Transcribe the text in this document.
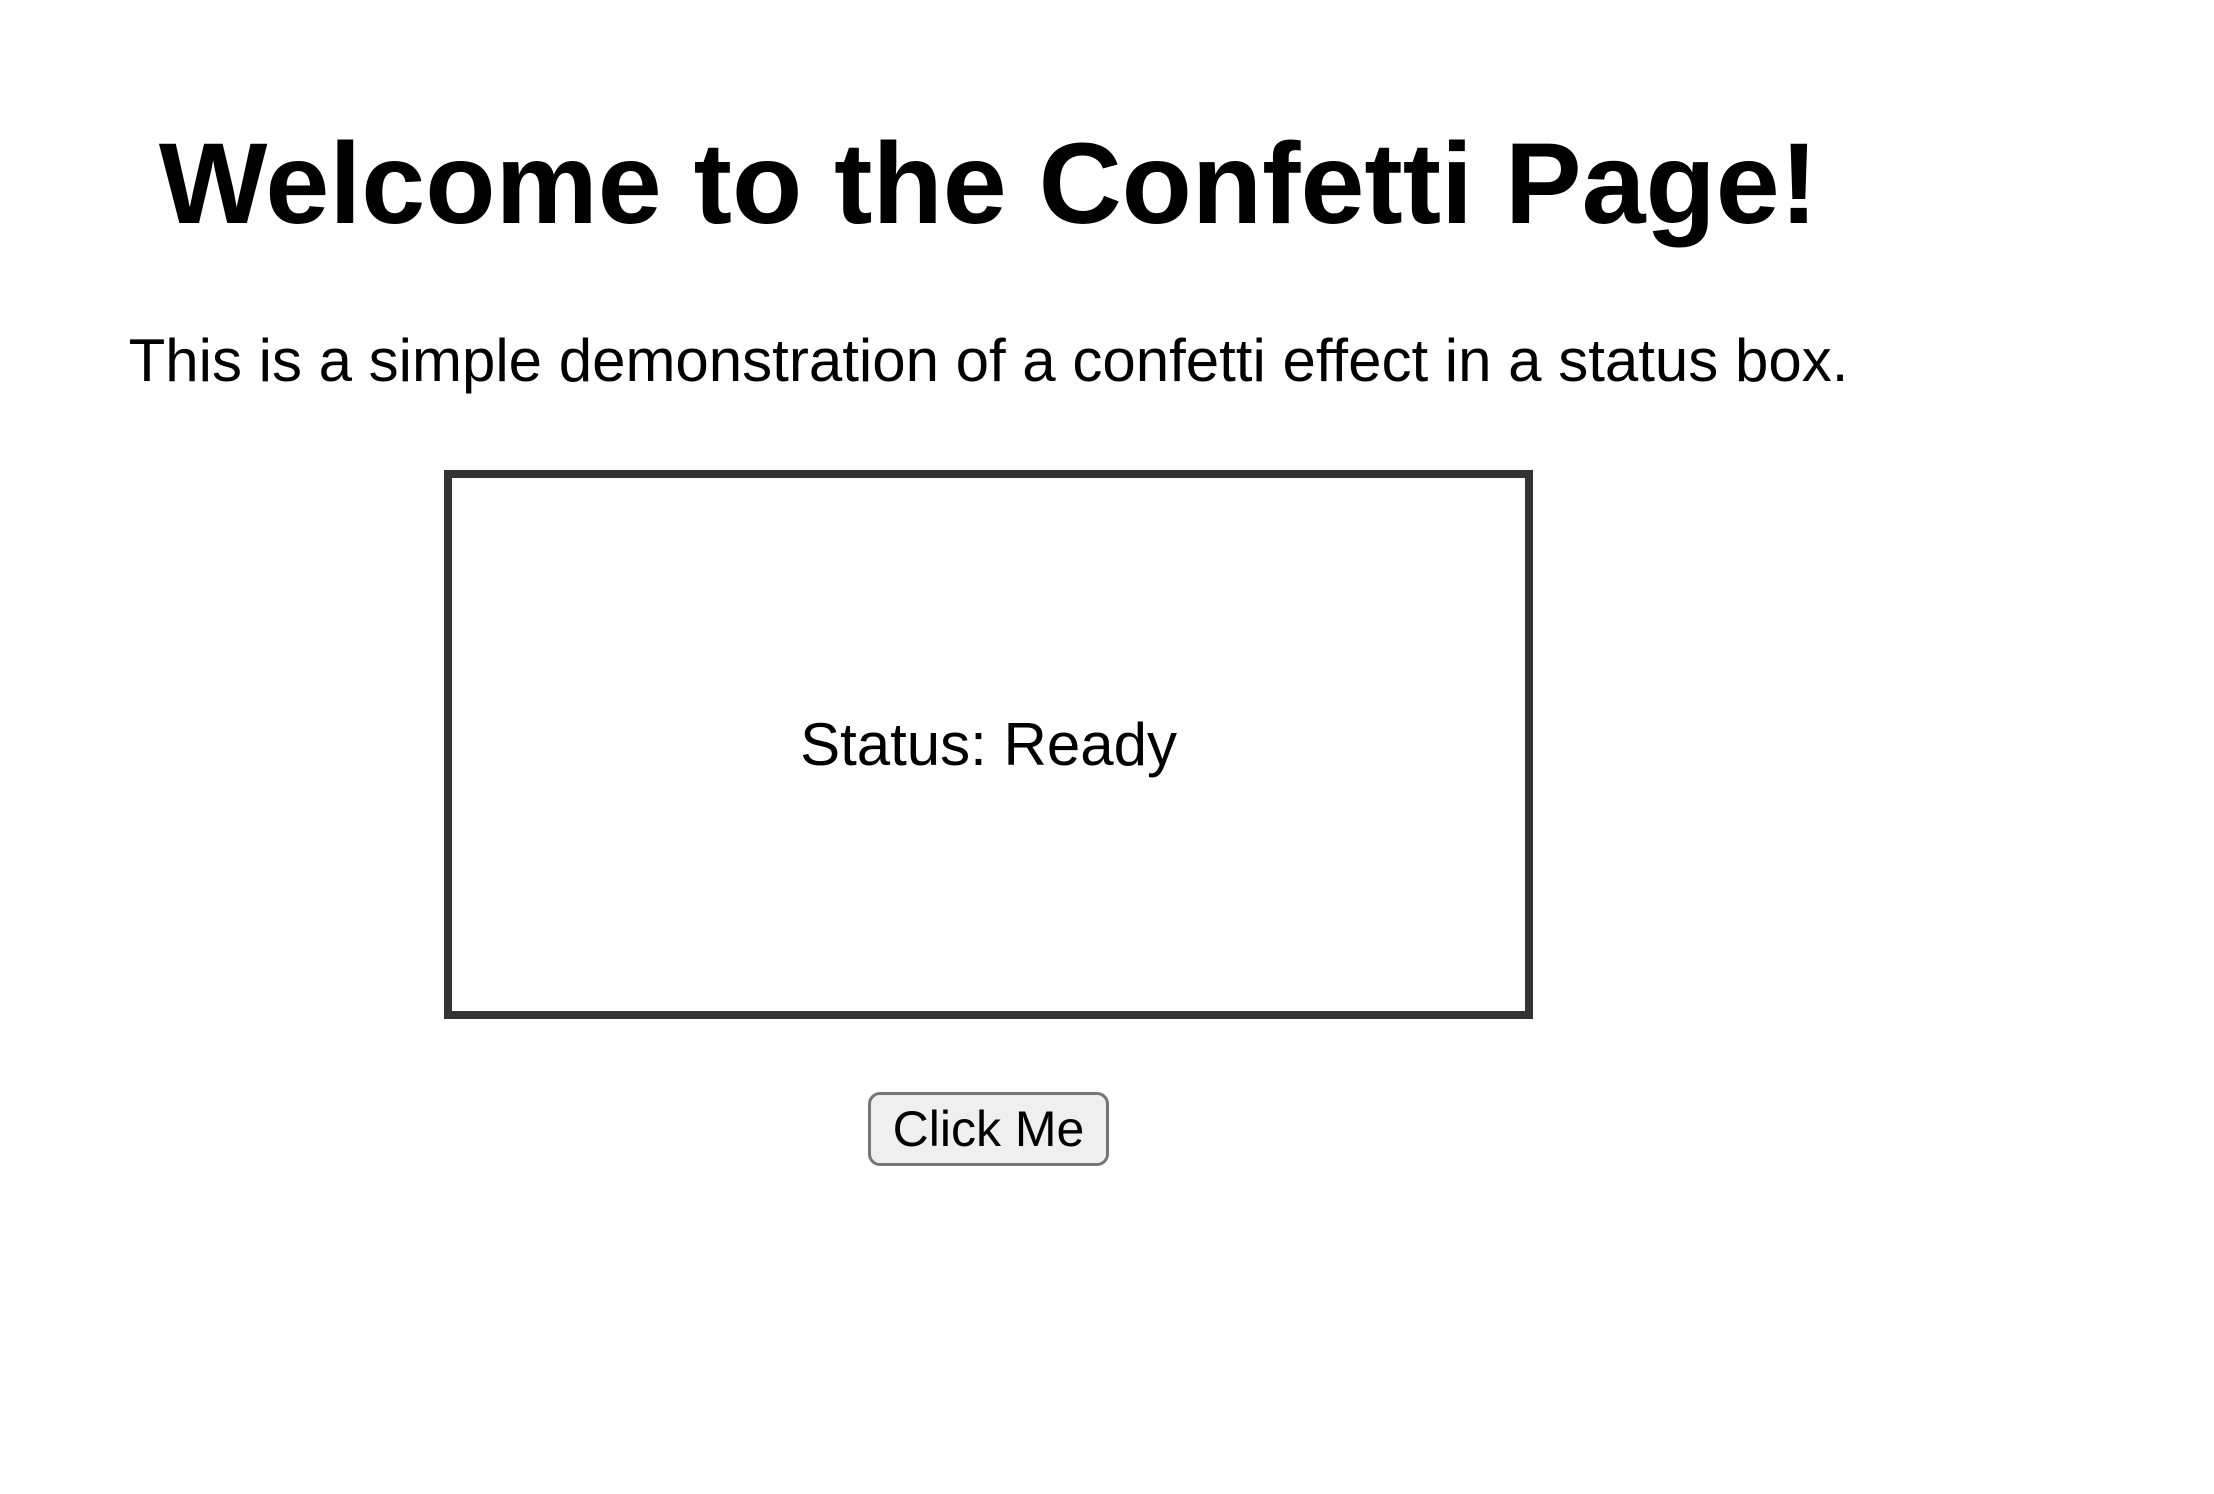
Welcome to the Confetti Page!

This is a simple demonstration of a confetti effect in a status box.

Status: Ready
Click Me
